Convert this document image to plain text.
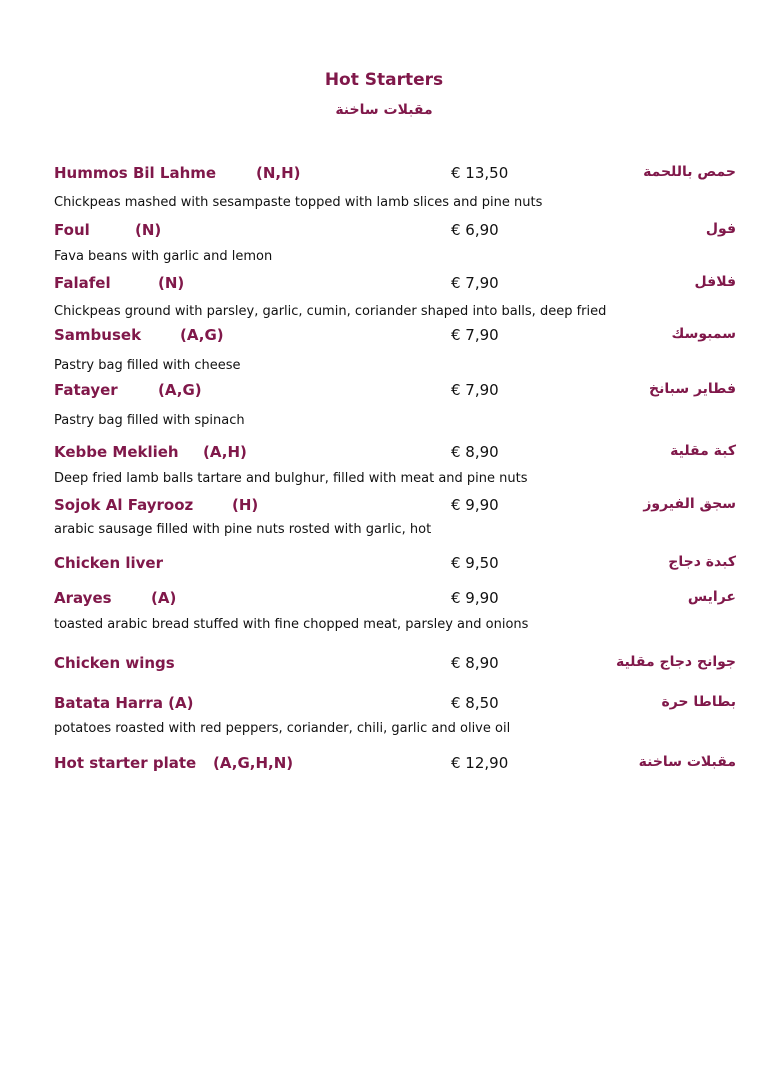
Hot Starters
مقبلات ساخنة
Hummos Bil Lahme	(N,H)	€ 13,50	حمص باللحمة
Chickpeas mashed with sesampaste topped with lamb slices and pine nuts
Foul	(N)	€ 6,90	فول
Fava beans with garlic and lemon
Falafel	(N)	€ 7,90	فلافل
Chickpeas ground with parsley, garlic, cumin, coriander shaped into balls, deep fried
Sambusek	(A,G)	€ 7,90	سمبوسك
Pastry bag filled with cheese
Fatayer	(A,G)	€ 7,90	فطاير سبانخ
Pastry bag filled with spinach
Kebbe Meklieh (A,H)	€ 8,90	كبة مقلية
Deep fried lamb balls tartare and bulghur, filled with meat and pine nuts
Sojok Al Fayrooz	(H)	€ 9,90	سجق الفيروز
arabic sausage filled with pine nuts rosted with garlic, hot
Chicken liver	€ 9,50	كبدة دجاج
Arayes	(A)	€ 9,90	عرايس
toasted arabic bread stuffed with fine chopped meat, parsley and onions
Chicken wings	€ 8,90	جوانح دجاج مقلية
Batata Harra (A)	€ 8,50	بطاطا حرة
potatoes roasted with red peppers, coriander, chili, garlic and olive oil
Hot starter plate (A,G,H,N)	€ 12,90	مقبلات ساخنة
